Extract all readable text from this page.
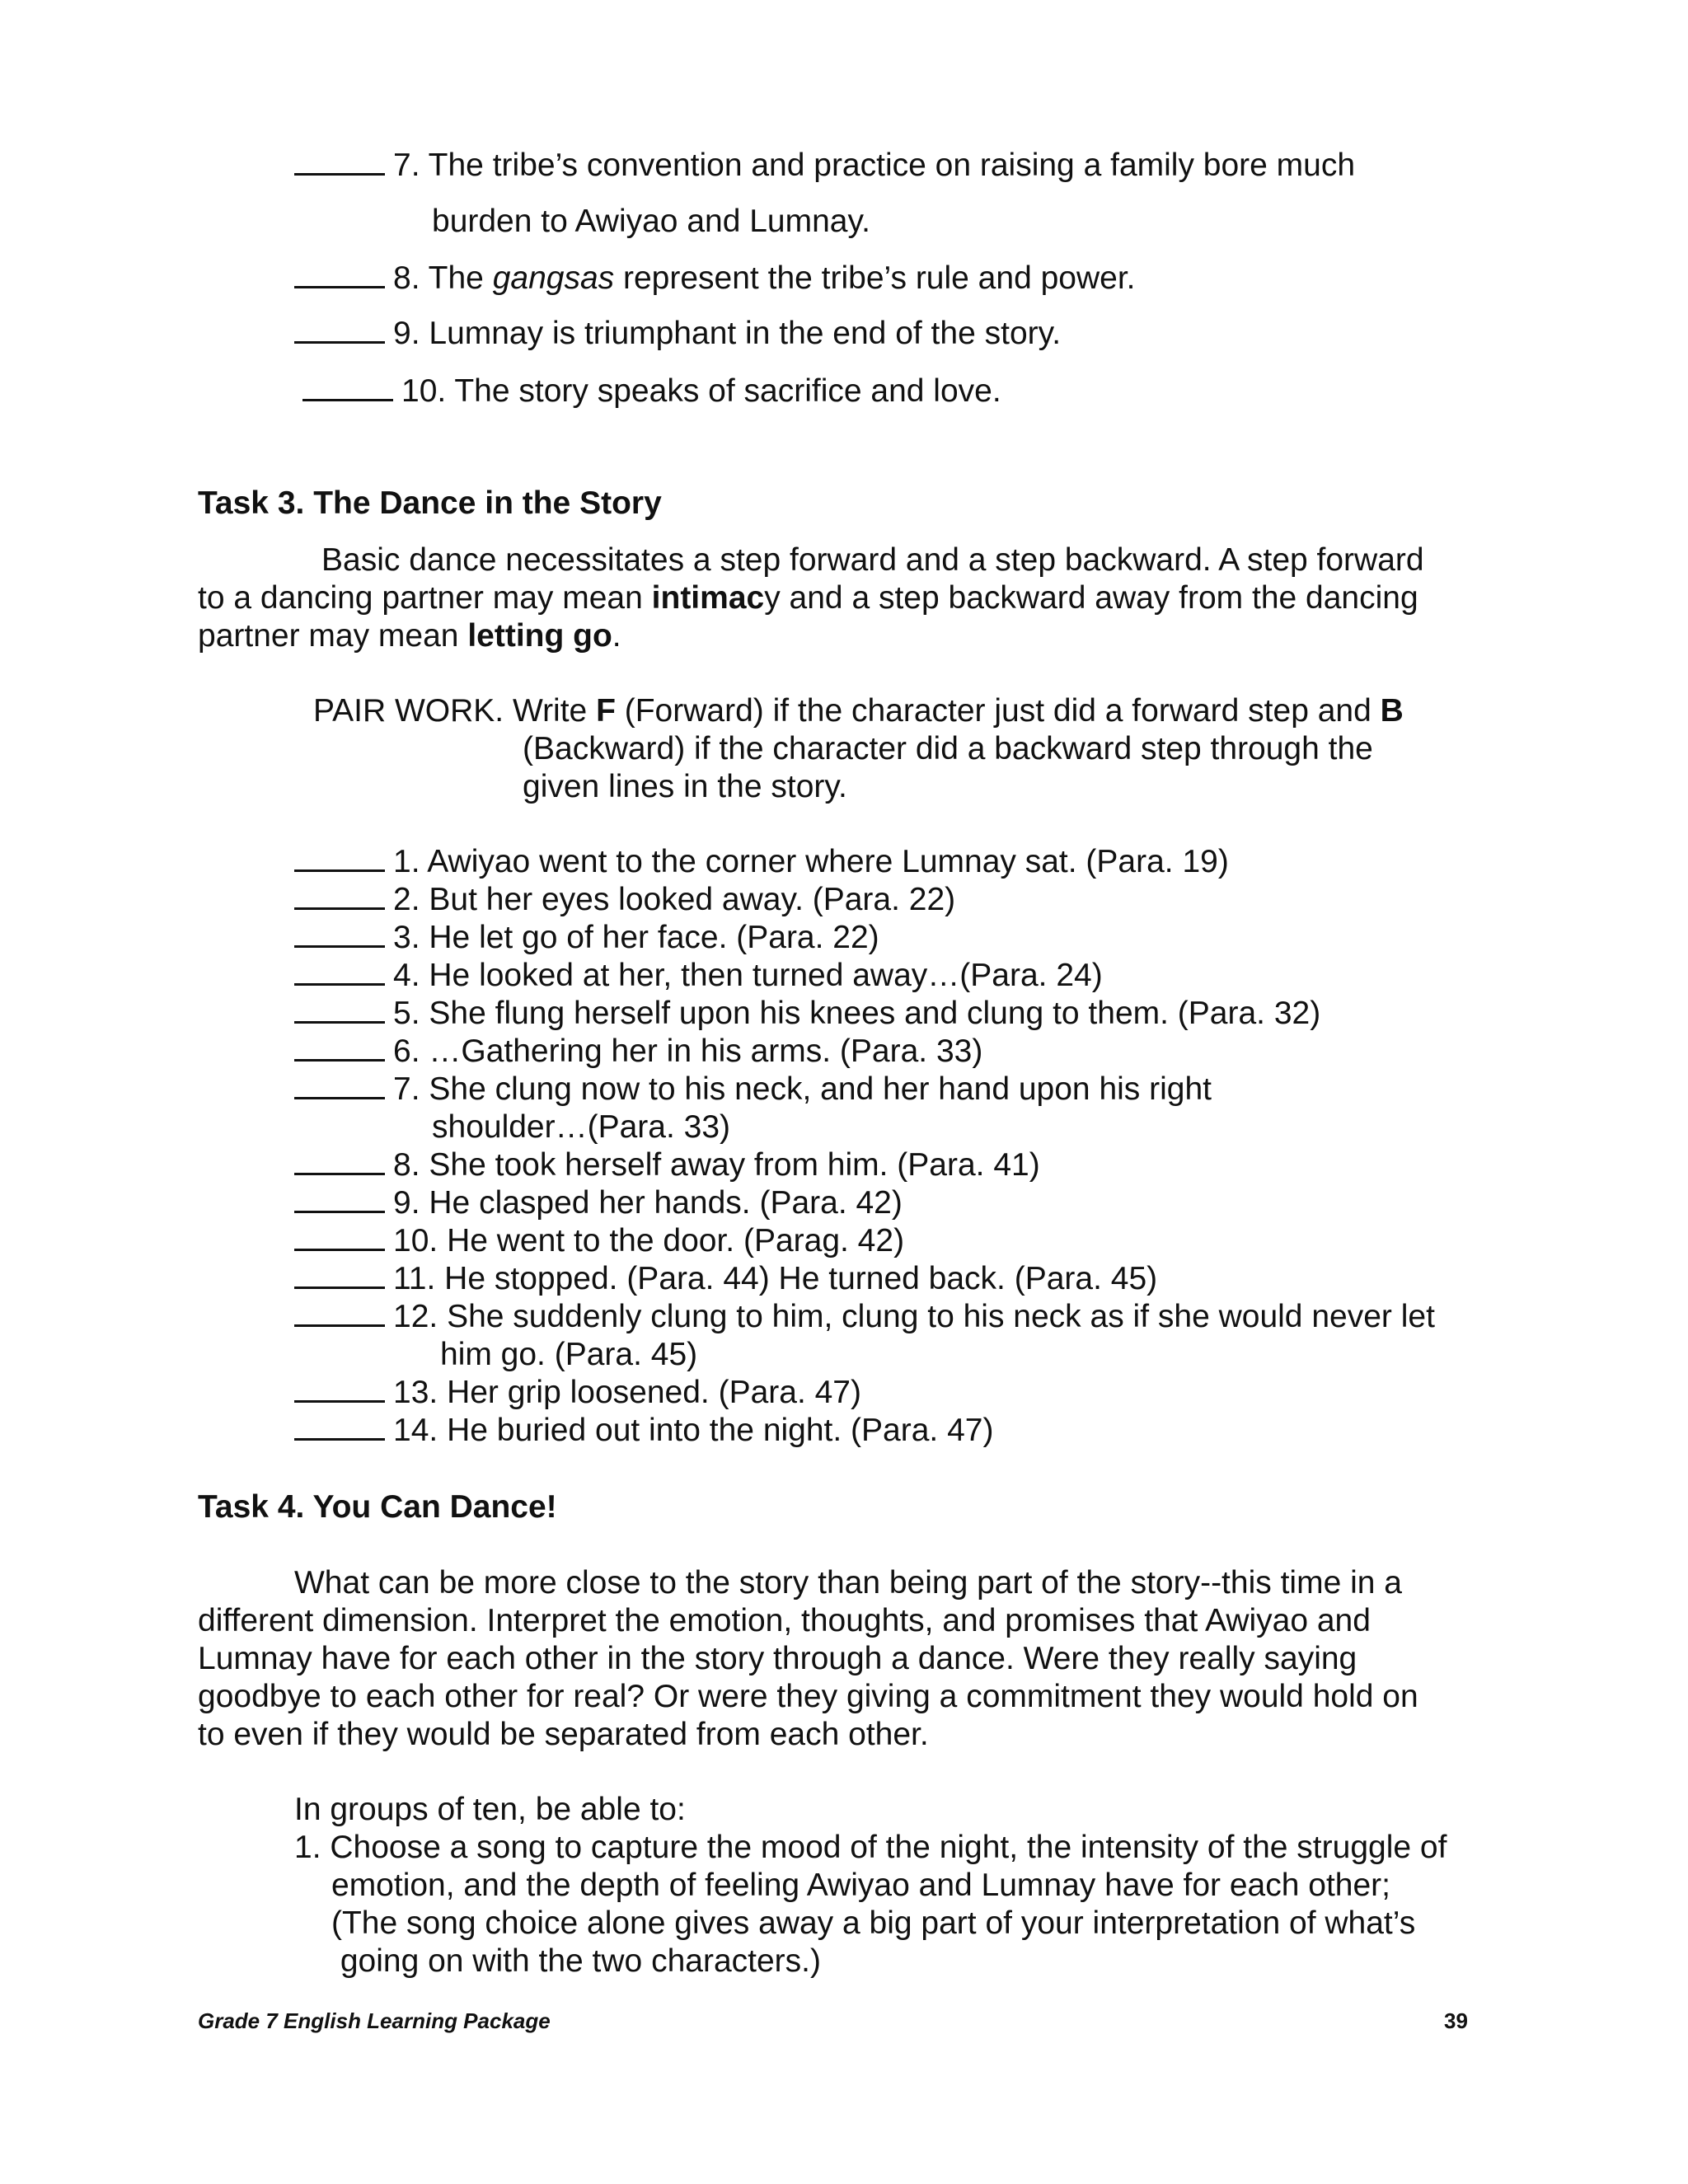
7. The tribe’s convention and practice on raising a family bore much
burden to Awiyao and Lumnay.
8. The gangsas represent the tribe’s rule and power.
9. Lumnay is triumphant in the end of the story.
10. The story speaks of sacrifice and love.
Task 3. The Dance in the Story
Basic dance necessitates a step forward and a step backward. A step forward
to a dancing partner may mean intimacy and a step backward away from the dancing
partner may mean letting go.
PAIR WORK. Write F (Forward) if the character just did a forward step and B
(Backward) if the character did a backward step through the
given lines in the story.
1. Awiyao went to the corner where Lumnay sat. (Para. 19)
2. But her eyes looked away. (Para. 22)
3. He let go of her face. (Para. 22)
4. He looked at her, then turned away…(Para. 24)
5. She flung herself upon his knees and clung to them. (Para. 32)
6. …Gathering her in his arms. (Para. 33)
7. She clung now to his neck, and her hand upon his right
shoulder…(Para. 33)
8. She took herself away from him. (Para. 41)
9. He clasped her hands. (Para. 42)
10. He went to the door. (Parag. 42)
11. He stopped. (Para. 44) He turned back. (Para. 45)
12. She suddenly clung to him, clung to his neck as if she would never let
him go. (Para. 45)
13. Her grip loosened. (Para. 47)
14. He buried out into the night. (Para. 47)
Task 4. You Can Dance!
What can be more close to the story than being part of the story--this time in a
different dimension. Interpret the emotion, thoughts, and promises that Awiyao and
Lumnay have for each other in the story through a dance. Were they really saying
goodbye to each other for real? Or were they giving a commitment they would hold on
to even if they would be separated from each other.
In groups of ten, be able to:
1. Choose a song to capture the mood of the night, the intensity of the struggle of
emotion, and the depth of feeling Awiyao and Lumnay have for each other;
(The song choice alone gives away a big part of your interpretation of what’s
going on with the two characters.)
Grade 7 English Learning Package	39
